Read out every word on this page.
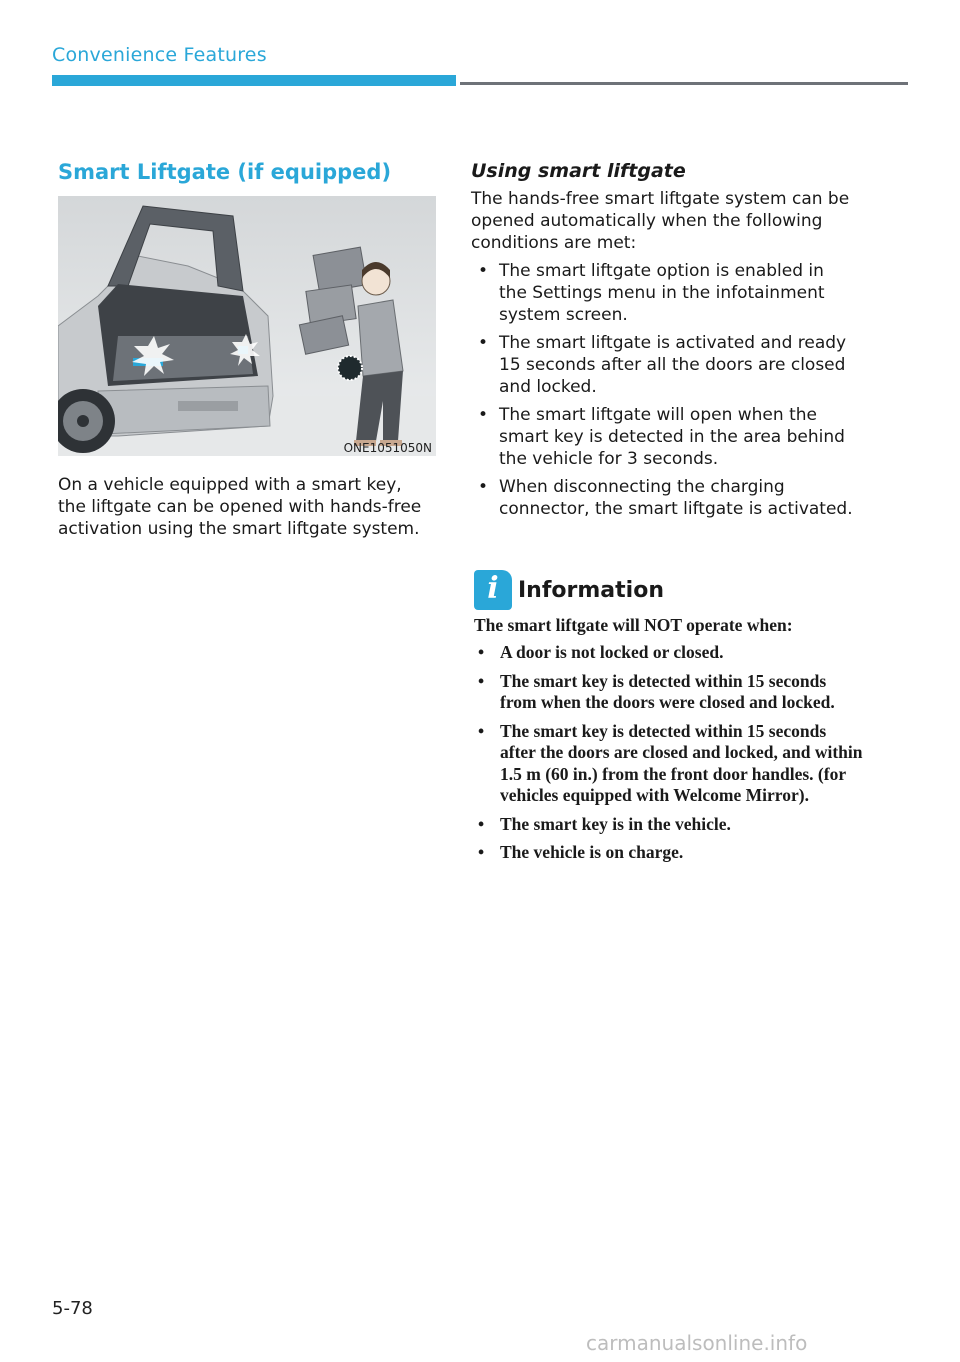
Convenience Features
Smart Liftgate (if equipped)
ONE1051050N

On a vehicle equipped with a smart key, the liftgate can be opened with hands-free activation using the smart liftgate system.

Using smart liftgate

The hands-free smart liftgate system can be opened automatically when the following conditions are met:

• The smart liftgate option is enabled in the Settings menu in the infotainment system screen.
• The smart liftgate is activated and ready 15 seconds after all the doors are closed and locked.
• The smart liftgate will open when the smart key is detected in the area behind the vehicle for 3 seconds.
• When disconnecting the charging connector, the smart liftgate is activated.
i Information

The smart liftgate will NOT operate when:

• A door is not locked or closed.
• The smart key is detected within 15 seconds from when the doors were closed and locked.
• The smart key is detected within 15 seconds after the doors are closed and locked, and within 1.5 m (60 in.) from the front door handles. (for vehicles equipped with Welcome Mirror).
• The smart key is in the vehicle.
• The vehicle is on charge.
5-78
carmanualsonline.info
